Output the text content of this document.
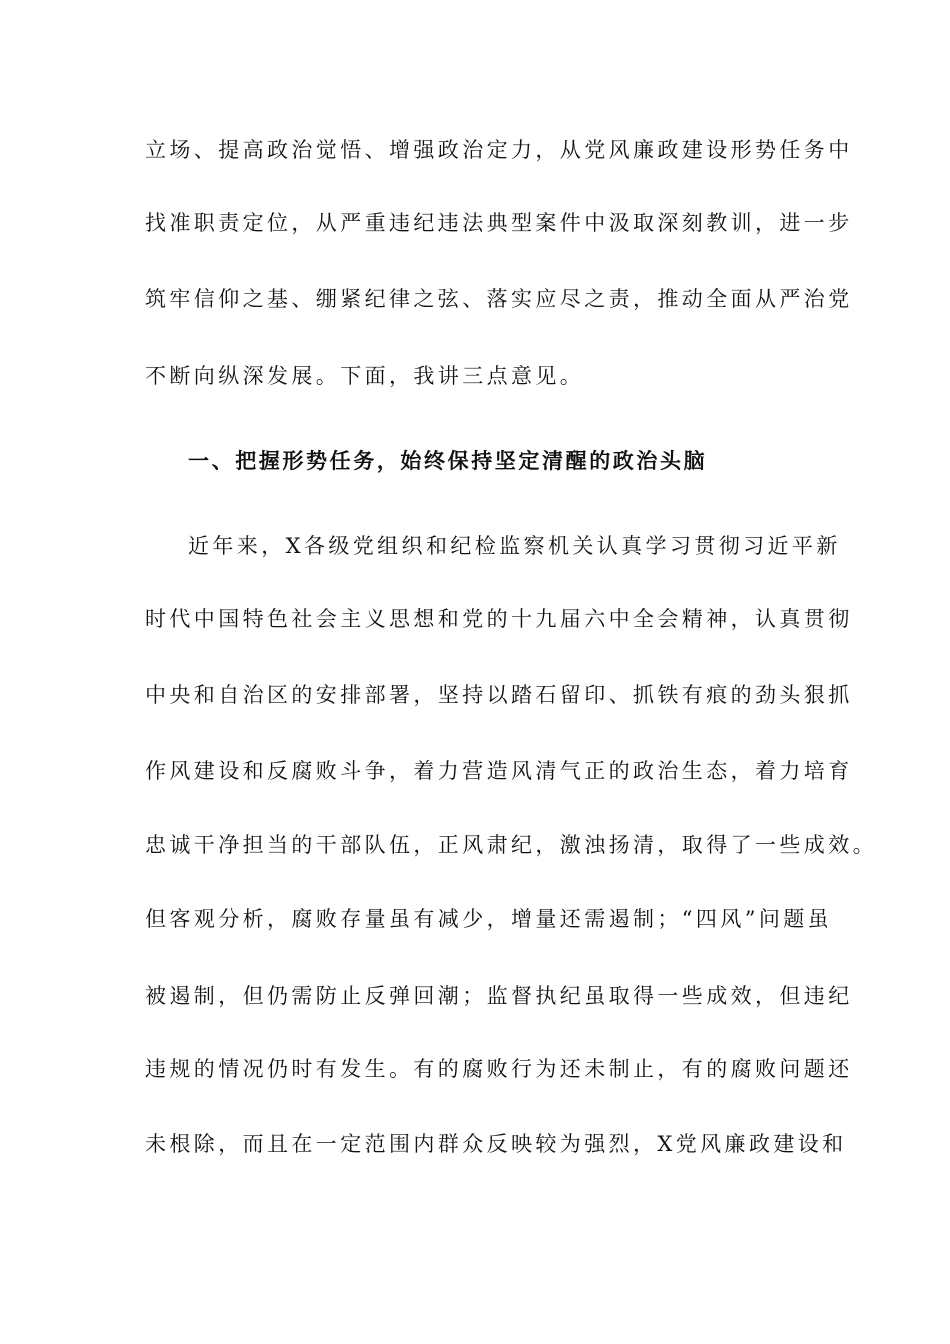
立场、提高政治觉悟、增强政治定力，从党风廉政建设形势任务中
找准职责定位，从严重违纪违法典型案件中汲取深刻教训，进一步
筑牢信仰之基、绷紧纪律之弦、落实应尽之责，推动全面从严治党
不断向纵深发展。下面，我讲三点意见。
一、把握形势任务，始终保持坚定清醒的政治头脑
近年来，X各级党组织和纪检监察机关认真学习贯彻习近平新
时代中国特色社会主义思想和党的十九届六中全会精神，认真贯彻
中央和自治区的安排部署，坚持以踏石留印、抓铁有痕的劲头狠抓
作风建设和反腐败斗争，着力营造风清气正的政治生态，着力培育
忠诚干净担当的干部队伍，正风肃纪，激浊扬清，取得了一些成效。
但客观分析，腐败存量虽有减少，增量还需遏制；“四风”问题虽
被遏制，但仍需防止反弹回潮；监督执纪虽取得一些成效，但违纪
违规的情况仍时有发生。有的腐败行为还未制止，有的腐败问题还
未根除，而且在一定范围内群众反映较为强烈，X党风廉政建设和
